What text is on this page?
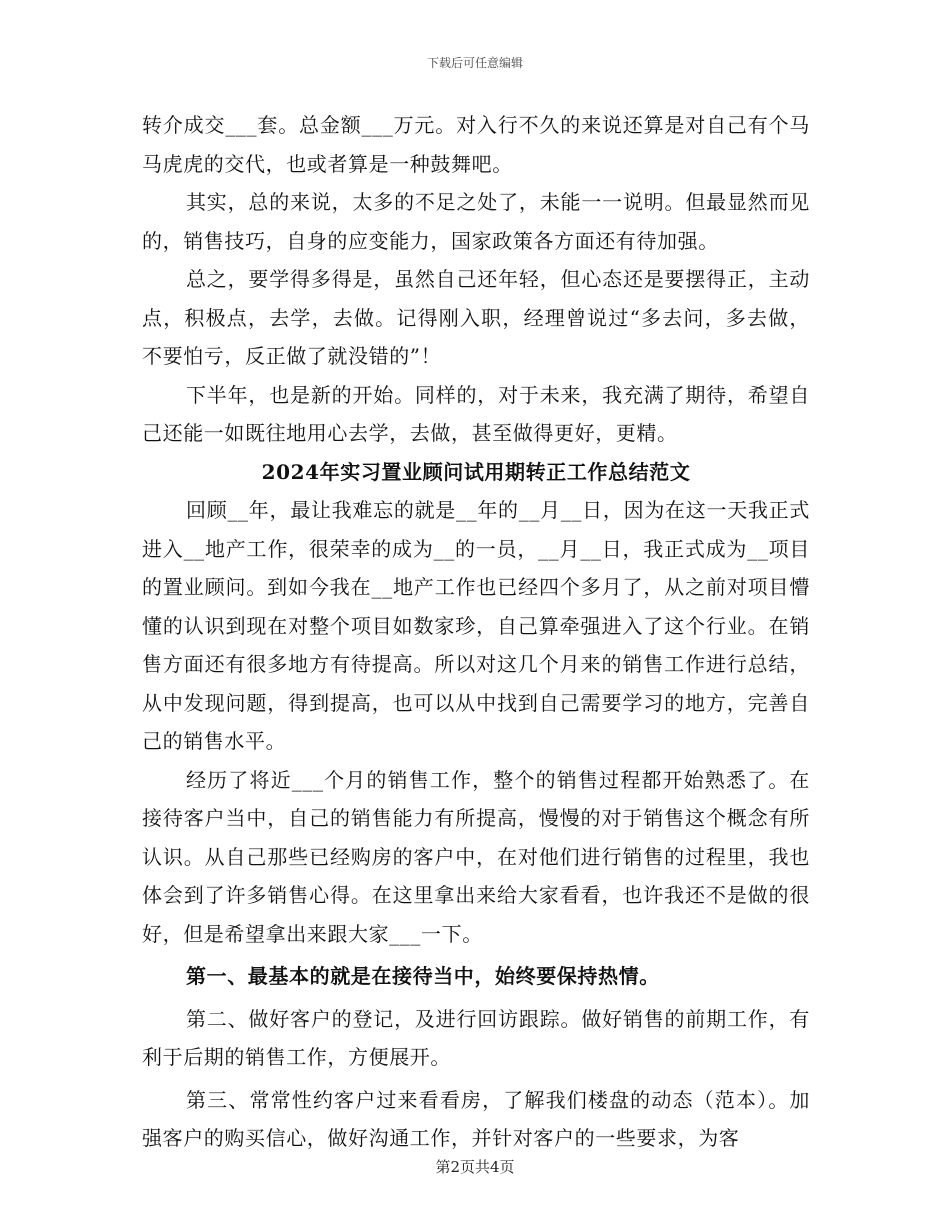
下载后可任意编辑

转介成交___套。总金额___万元。对入行不久的来说还算是对自己有个马马虎虎的交代，也或者算是一种鼓舞吧。

其实，总的来说，太多的不足之处了，未能一一说明。但最显然而见的，销售技巧，自身的应变能力，国家政策各方面还有待加强。

总之，要学得多得是，虽然自己还年轻，但心态还是要摆得正，主动点，积极点，去学，去做。记得刚入职，经理曾说过“多去问，多去做，不要怕亏，反正做了就没错的”！

下半年，也是新的开始。同样的，对于未来，我充满了期待，希望自己还能一如既往地用心去学，去做，甚至做得更好，更精。

2024年实习置业顾问试用期转正工作总结范文

回顾__年，最让我难忘的就是__年的__月__日，因为在这一天我正式进入__地产工作，很荣幸的成为__的一员，__月__日，我正式成为__项目的置业顾问。到如今我在__地产工作也已经四个多月了，从之前对项目懵懂的认识到现在对整个项目如数家珍，自己算牵强进入了这个行业。在销售方面还有很多地方有待提高。所以对这几个月来的销售工作进行总结，从中发现问题，得到提高，也可以从中找到自己需要学习的地方，完善自己的销售水平。

经历了将近___个月的销售工作，整个的销售过程都开始熟悉了。在接待客户当中，自己的销售能力有所提高，慢慢的对于销售这个概念有所认识。从自己那些已经购房的客户中，在对他们进行销售的过程里，我也体会到了许多销售心得。在这里拿出来给大家看看，也许我还不是做的很好，但是希望拿出来跟大家___一下。

第一、最基本的就是在接待当中，始终要保持热情。

第二、做好客户的登记，及进行回访跟踪。做好销售的前期工作，有利于后期的销售工作，方便展开。

第三、常常性约客户过来看看房，了解我们楼盘的动态（范本）。加强客户的购买信心，做好沟通工作，并针对客户的一些要求，为客

第2页共4页
